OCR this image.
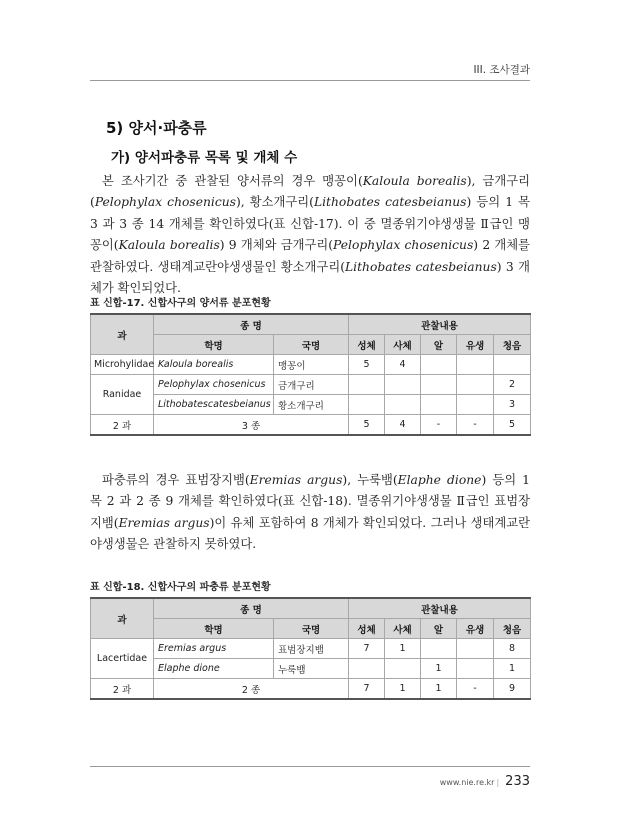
III. 조사결과
5) 양서·파충류
가) 양서파충류 목록 및 개체 수

본 조사기간 중 관찰된 양서류의 경우 맹꽁이(Kaloula borealis), 금개구리(Pelophylax chosenicus), 황소개구리(Lithobates catesbeianus) 등의 1 목 3 과 3 종 14 개체를 확인하였다(표 신합-17). 이 중 멸종위기야생생물 Ⅱ급인 맹꽁이(Kaloula borealis) 9 개체와 금개구리(Pelophylax chosenicus) 2 개체를 관찰하였다. 생태계교란야생생물인 황소개구리(Lithobates catesbeianus) 3 개체가 확인되었다.

표 신합-17. 신합사구의 양서류 분포현황
과	종 명		관찰내용				
	학명	국명	성체	사체	알	유생	청음
Microhylidae	Kaloula borealis	맹꽁이	5	4			
Ranidae	Pelophylax chosenicus	금개구리					2
	Lithobatescatesbeianus	황소개구리					3
2 과	3 종		5	4	-	-	5

파충류의 경우 표범장지뱀(Eremias argus), 누룩뱀(Elaphe dione) 등의 1 목 2 과 2 종 9 개체를 확인하였다(표 신합-18). 멸종위기야생생물 Ⅱ급인 표범장지뱀(Eremias argus)이 유체 포함하여 8 개체가 확인되었다. 그러나 생태계교란야생생물은 관찰하지 못하였다.

표 신합-18. 신합사구의 파충류 분포현황
과	종 명		관찰내용				
	학명	국명	성체	사체	알	유생	청음
Lacertidae	Eremias argus	표범장지뱀	7	1			8
	Elaphe dione	누룩뱀			1		1
2 과	2 종		7	1	1	-	9
www.nie.re.kr | 233
